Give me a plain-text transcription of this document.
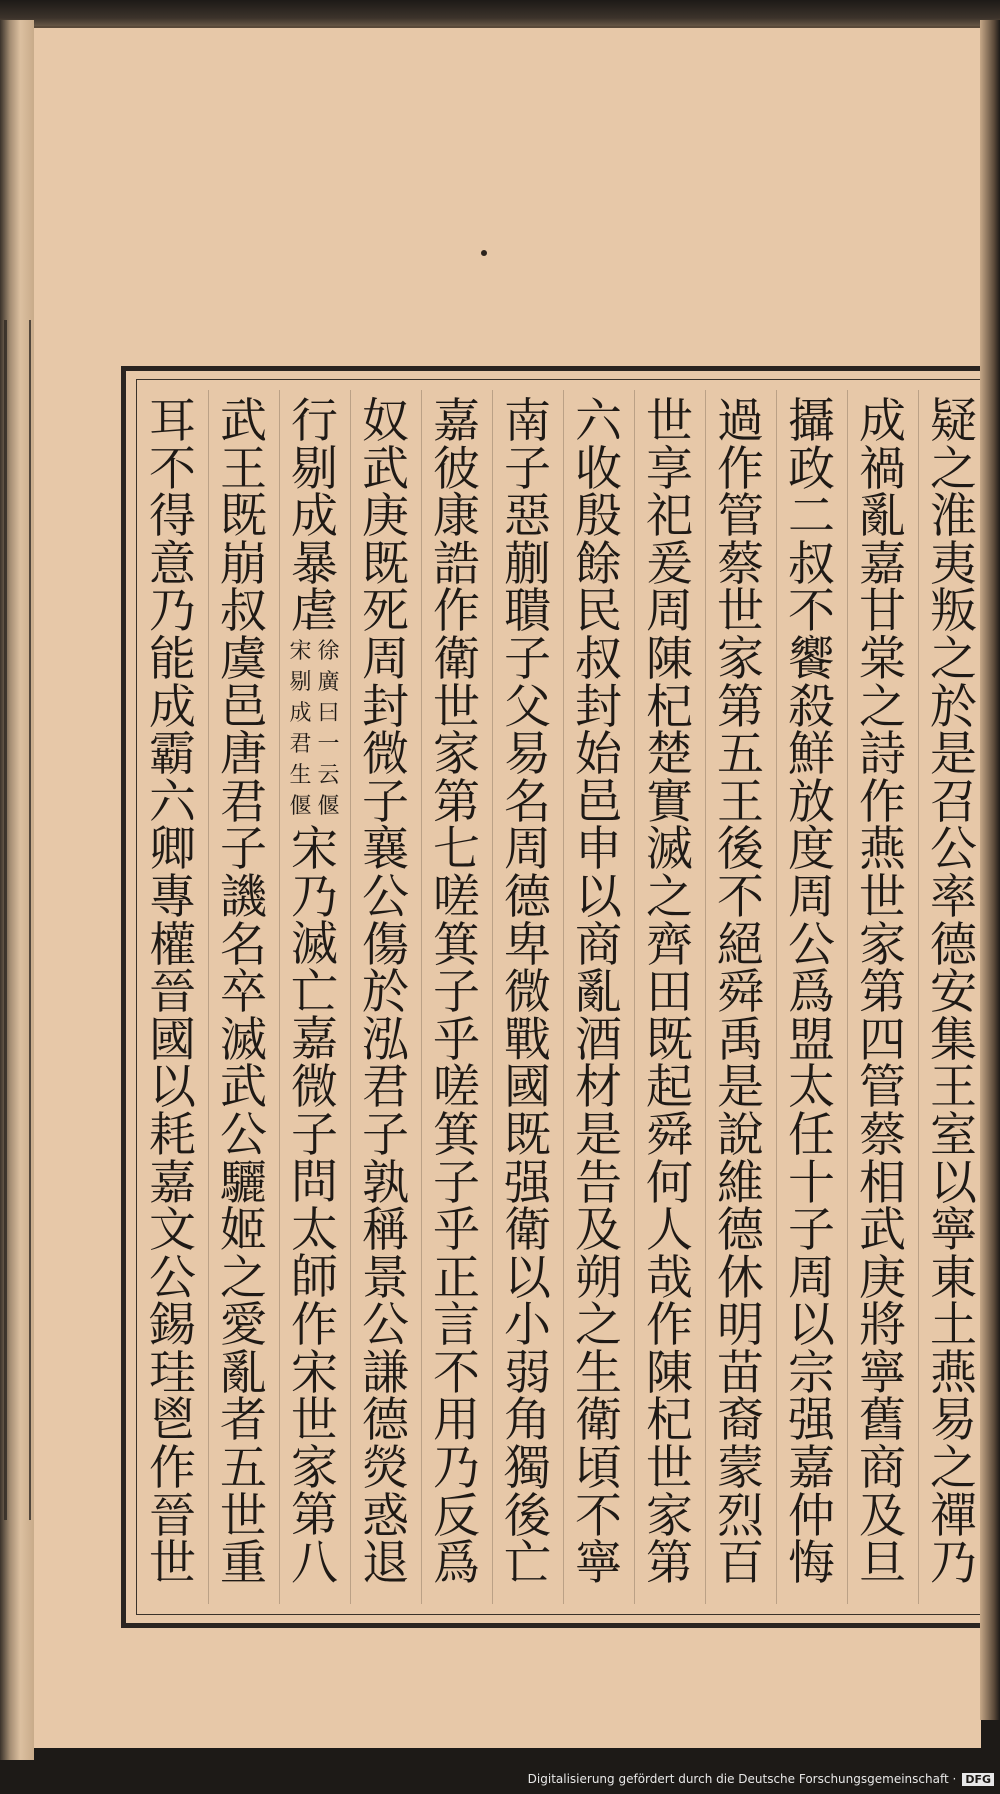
疑
之
淮
夷
叛
之
於
是
召
公
率
德
安
集
王
室
以
寧
東
土
燕
易
之
禪
乃
成
禍
亂
嘉
甘
棠
之
詩
作
燕
世
家
第
四
管
蔡
相
武
庚
將
寧
舊
商
及
旦
攝
政
二
叔
不
饗
殺
鮮
放
度
周
公
爲
盟
太
任
十
子
周
以
宗
强
嘉
仲
悔
過
作
管
蔡
世
家
第
五
王
後
不
絕
舜
禹
是
說
維
德
休
明
苗
裔
蒙
烈
百
世
享
祀
爰
周
陳
杞
楚
實
滅
之
齊
田
既
起
舜
何
人
哉
作
陳
杞
世
家
第
六
收
殷
餘
民
叔
封
始
邑
申
以
商
亂
酒
材
是
告
及
朔
之
生
衛
頃
不
寧
南
子
惡
蒯
聵
子
父
易
名
周
德
卑
微
戰
國
既
强
衛
以
小
弱
角
獨
後
亡
嘉
彼
康
誥
作
衛
世
家
第
七
嗟
箕
子
乎
嗟
箕
子
乎
正
言
不
用
乃
反
爲
奴
武
庚
既
死
周
封
微
子
襄
公
傷
於
泓
君
子
孰
稱
景
公
謙
德
熒
惑
退
行
剔
成
暴
虐
徐
廣
曰
一
云
偃
宋
剔
成
君
生
偃
宋
乃
滅
亡
嘉
微
子
問
太
師
作
宋
世
家
第
八
武
王
既
崩
叔
虞
邑
唐
君
子
譏
名
卒
滅
武
公
驪
姬
之
愛
亂
者
五
世
重
耳
不
得
意
乃
能
成
霸
六
卿
專
權
晉
國
以
耗
嘉
文
公
錫
珪
鬯
作
晉
世
Digitalisierung gefördert durch die Deutsche Forschungsgemeinschaft · DFG
